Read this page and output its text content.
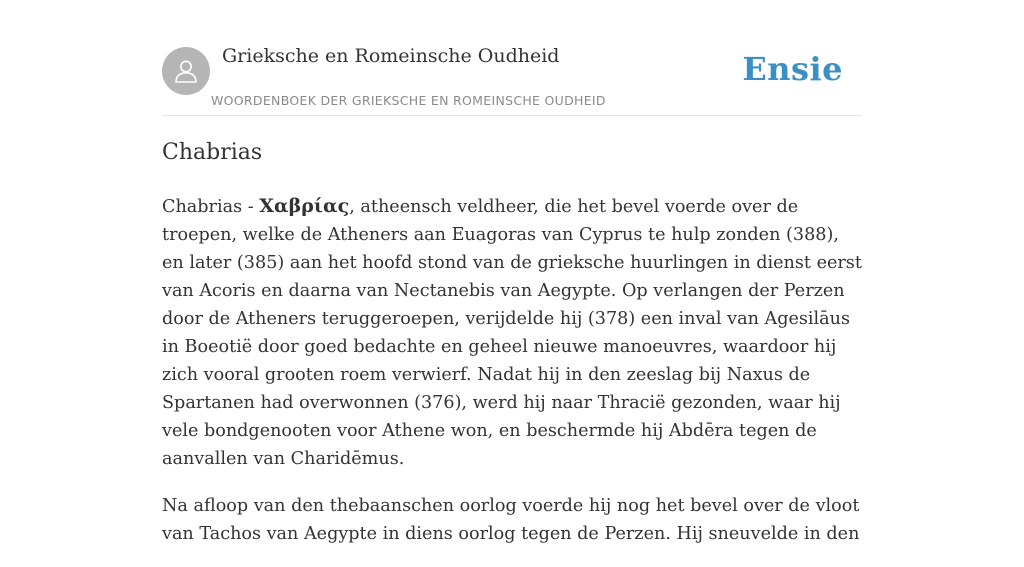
Grieksche en Romeinsche Oudheid
WOORDENBOEK DER GRIEKSCHE EN ROMEINSCHE OUDHEID
Ensie
Chabrias

Chabrias - Χαβρίας, atheensch veldheer, die het bevel voerde over de troepen, welke de Atheners aan Euagoras van Cyprus te hulp zonden (388), en later (385) aan het hoofd stond van de grieksche huurlingen in dienst eerst van Acoris en daarna van Nectanebis van Aegypte. Op verlangen der Perzen door de Atheners teruggeroepen, verijdelde hij (378) een inval van Agesilāus in Boeotië door goed bedachte en geheel nieuwe manoeuvres, waardoor hij zich vooral grooten roem verwierf. Nadat hij in den zeeslag bij Naxus de Spartanen had overwonnen (376), werd hij naar Thracië gezonden, waar hij vele bondgenooten voor Athene won, en beschermde hij Abdēra tegen de aanvallen van Charidēmus.

Na afloop van den thebaanschen oorlog voerde hij nog het bevel over de vloot van Tachos van Aegypte in diens oorlog tegen de Perzen. Hij sneuvelde in den
